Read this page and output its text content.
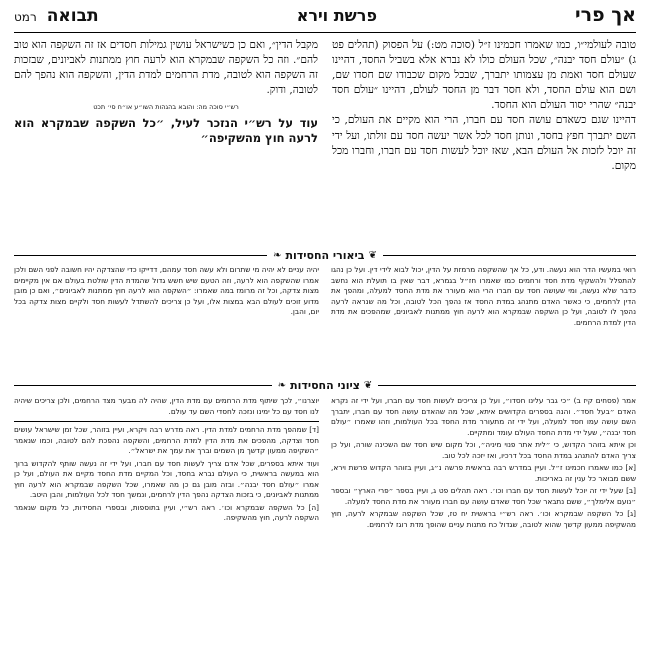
אך פרי
פרשת וירא
תבואה
רמט

טובה לעולמי״ו, כמו שאמרו חכמינו ז״ל (סוכה מט:) על הפסוק (תהלים פט ג) ״עולם חסד יבנה״, שכל העולם כולו לא נברא אלא בשביל החסד, דהיינו שעולם חסד ואמת מן עצמותו יתברך, שבכל מקום שכבודו שם חסדו שם, ושם הוא עולם החסד, ולא חסר דבר מן החסד לעולם, דהיינו ״עולם חסד יבנה״ שהרי יסוד העולם הוא החסד.

דהיינו שגם כשאדם עושה חסד עם חברו, הרי הוא מקיים את העולם, כי השם יתברך חפץ בחסד, ונותן חסד לכל אשר יעשה חסד עם זולתו, ועל ידי זה יוכל לזכות אל העולם הבא, שאז יוכל לעשות חסד עם חברו, וחברו מכל מקום.

מקבל הדין״, ואם כן כשישראל עושין גמילות חסדים אז זה השקפה הוא טוב להם״. וזה כל השקפה שבמקרא הוא לרעה חוץ ממתנות לאביונים, שבזכות זה השקפה הוא לטובה, מדת הרחמים למדת הדין, והשקפה הוא נהפך להם לטובה, ודוק.

רש״י סוכה מה: והובא בהגהות השו״ע או״ח סי׳ תכט
עוד על רש״י הנזכר לעיל, ״כל השקפה שבמקרא הוא לרעה חוץ מהשקיפה״
❦
ביאורי החסידות
❧

רואי במעשיו הדר הוא נעשה. ודע, כל אך שהשקפה מרמזת על הדין, יכול לבוא לידי דין. ועל כן נהגו להתפלל ולהשקיף מדת חסד ורחמים כמו שאמרו חז״ל בגמרא, דבר שאין בו תועלת הוא נחשב כדבר שלא נעשה, ומי שעושה חסד עם חברו הרי הוא מעורר את מדת החסד למעלה, ומהפך את הדין לרחמים, כי כאשר האדם מתנהג במדת החסד אז נהפך הכל לטובה, וכל מה שנראה לרעה נהפך לו לטובה, ועל כן השקפה שבמקרא הוא לרעה חוץ ממתנות לאביונים, שמהפכים את מדת הדין למדת הרחמים.

יהיה עניים לא יהיה מי שתרום ולא עשה חסד עמהם, דדייקו כדי שהצדקה יהיו חשובה לפני השם ולכן אמרו שהשקפה הוא לרעה, וזה הטעם שיש חשש גדול שהמדת הדין שולטת בעולם אם אין מקיימים מצות צדקה, וכל זה מרומז במה שאמרו: ״השקפה הוא לרעה חוץ ממתנות לאביונים״, ואם כן מובן מדוע זוכים לעולם הבא במצות אלו, ועל כן צריכים להשתדל לעשות חסד ולקיים מצות צדקה בכל יום, והבן.

❦
ציוני החסידות
❧

אמר (פסחים קיז ב) ״כי גבר עלינו חסדו״, ועל כן צריכים לעשות חסד עם חברו, ועל ידי זה נקרא האדם ״בעל חסד״. והנה בספרים הקדושים איתא, שכל מה שהאדם עושה חסד עם חברו, יתברך השם עושה עמו חסד למעלה, ועל ידי זה מתעורר מדת החסד בכל העולמות, וזהו שאמרו ״עולם חסד יבנה״, שעל ידי מדת החסד העולם עומד ומתקיים.

וכן איתא בזוהר הקדוש, כי ״לית אתר פנוי מיניה״, וכל מקום שיש חסד שם השכינה שורה, ועל כן צריך האדם להתנהג במדת החסד בכל דרכיו, ואז יזכה לכל טוב.

[א] כמו שאמרו חכמינו ז״ל. ועיין במדרש רבה בראשית פרשה נ״ג, ועיין בזוהר הקדוש פרשת וירא, ששם מבואר כל ענין זה באריכות.

[ב] שעל ידי זה יוכל לעשות חסד עם חברו וכו׳. ראה תהלים פט ג, ועיין בספר ״פרי הארץ״ ובספר ״נועם אלימלך״, ששם נתבאר שכל חסד שאדם עושה עם חברו מעורר את מדת החסד למעלה.

[ג] כל השקפה שבמקרא וכו׳. ראה רש״י בראשית יח טז, שכל השקפה שבמקרא לרעה, חוץ מהשקיפה ממעון קדשך שהוא לטובה, שגדול כח מתנות עניים שהופך מדת רוגז לרחמים.

יוצרנו״, לכך שיתוף מדת הרחמים עם מדת הדין, שהיה לה מבער מצד הרחמים, ולכן צריכים שיהיה לנו חסד עם כל ימינו ונזכה לחסדי השם עד עולם.

[ד] שמהפך מדת הרחמים למדת הדין. ראה מדרש רבה ויקרא, ועיין בזוהר, שכל זמן שישראל עושים חסד וצדקה, מהפכים את מדת הדין למדת הרחמים, והשקפה נהפכת להם לטובה, וכמו שנאמר ״השקיפה ממעון קדשך מן השמים וברך את עמך את ישראל״.

ועוד איתא בספרים, שכל אדם צריך לעשות חסד עם חברו, ועל ידי זה נעשה שותף להקדוש ברוך הוא במעשה בראשית, כי העולם נברא בחסד, וכל המקיים מדת החסד מקיים את העולם, ועל כן אמרו ״עולם חסד יבנה״. ובזה מובן גם כן מה שאמרו, שכל השקפה שבמקרא הוא לרעה חוץ ממתנות לאביונים, כי בזכות הצדקה נהפך הדין לרחמים, ונמשך חסד לכל העולמות, והבן היטב.

[ה] כל השקפה שבמקרא וכו׳. ראה רש״י, ועיין בתוספות, ובספרי החסידות, כל מקום שנאמר השקפה לרעה, חוץ מהשקיפה.
